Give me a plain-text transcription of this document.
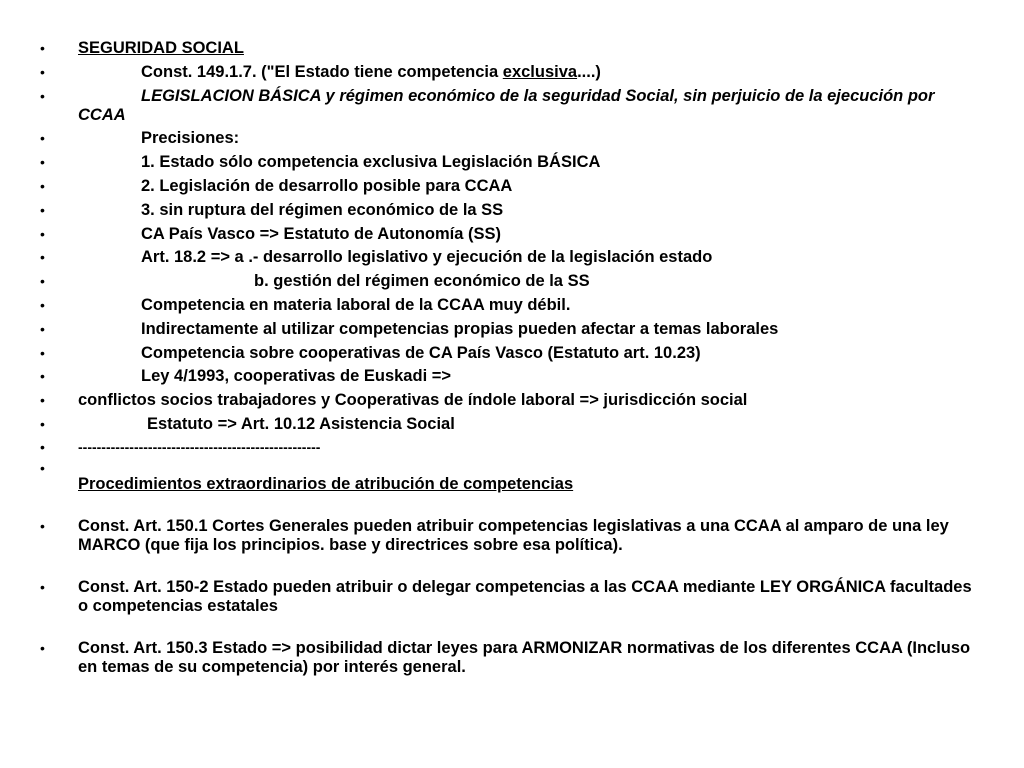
•	SEGURIDAD SOCIAL
•	Const. 149.1.7. ("El Estado tiene competencia exclusiva....)
•	LEGISLACION BÁSICA y régimen económico de la seguridad Social, sin perjuicio de la ejecución por CCAA
•	Precisiones:
•	1. Estado sólo competencia exclusiva Legislación BÁSICA
•	2. Legislación de desarrollo posible para CCAA
•	3. sin ruptura del régimen económico de la SS
•	CA País Vasco => Estatuto de Autonomía (SS)
•	Art. 18.2 => a .- desarrollo legislativo y ejecución de la legislación estado
•	b. gestión del régimen económico de la SS
•	Competencia en materia laboral de la CCAA muy débil.
•	Indirectamente al utilizar competencias propias pueden afectar a temas laborales
•	Competencia sobre cooperativas de CA País Vasco (Estatuto art. 10.23)
•	Ley 4/1993, cooperativas de Euskadi =>
•	conflictos socios trabajadores y Cooperativas de índole laboral => jurisdicción social
•	Estatuto => Art. 10.12 Asistencia Social
•	----------------------------------------------------
•
Procedimientos extraordinarios de atribución de competencias
•	Const. Art. 150.1 Cortes Generales pueden atribuir competencias legislativas a una CCAA al amparo de una ley MARCO (que fija los principios. base y directrices sobre esa política).
•	Const. Art. 150-2 Estado pueden atribuir o delegar competencias a las CCAA mediante LEY ORGÁNICA facultades o competencias estatales
•	Const. Art. 150.3 Estado => posibilidad dictar leyes para ARMONIZAR normativas de los diferentes CCAA (Incluso en temas de su competencia) por interés general.
